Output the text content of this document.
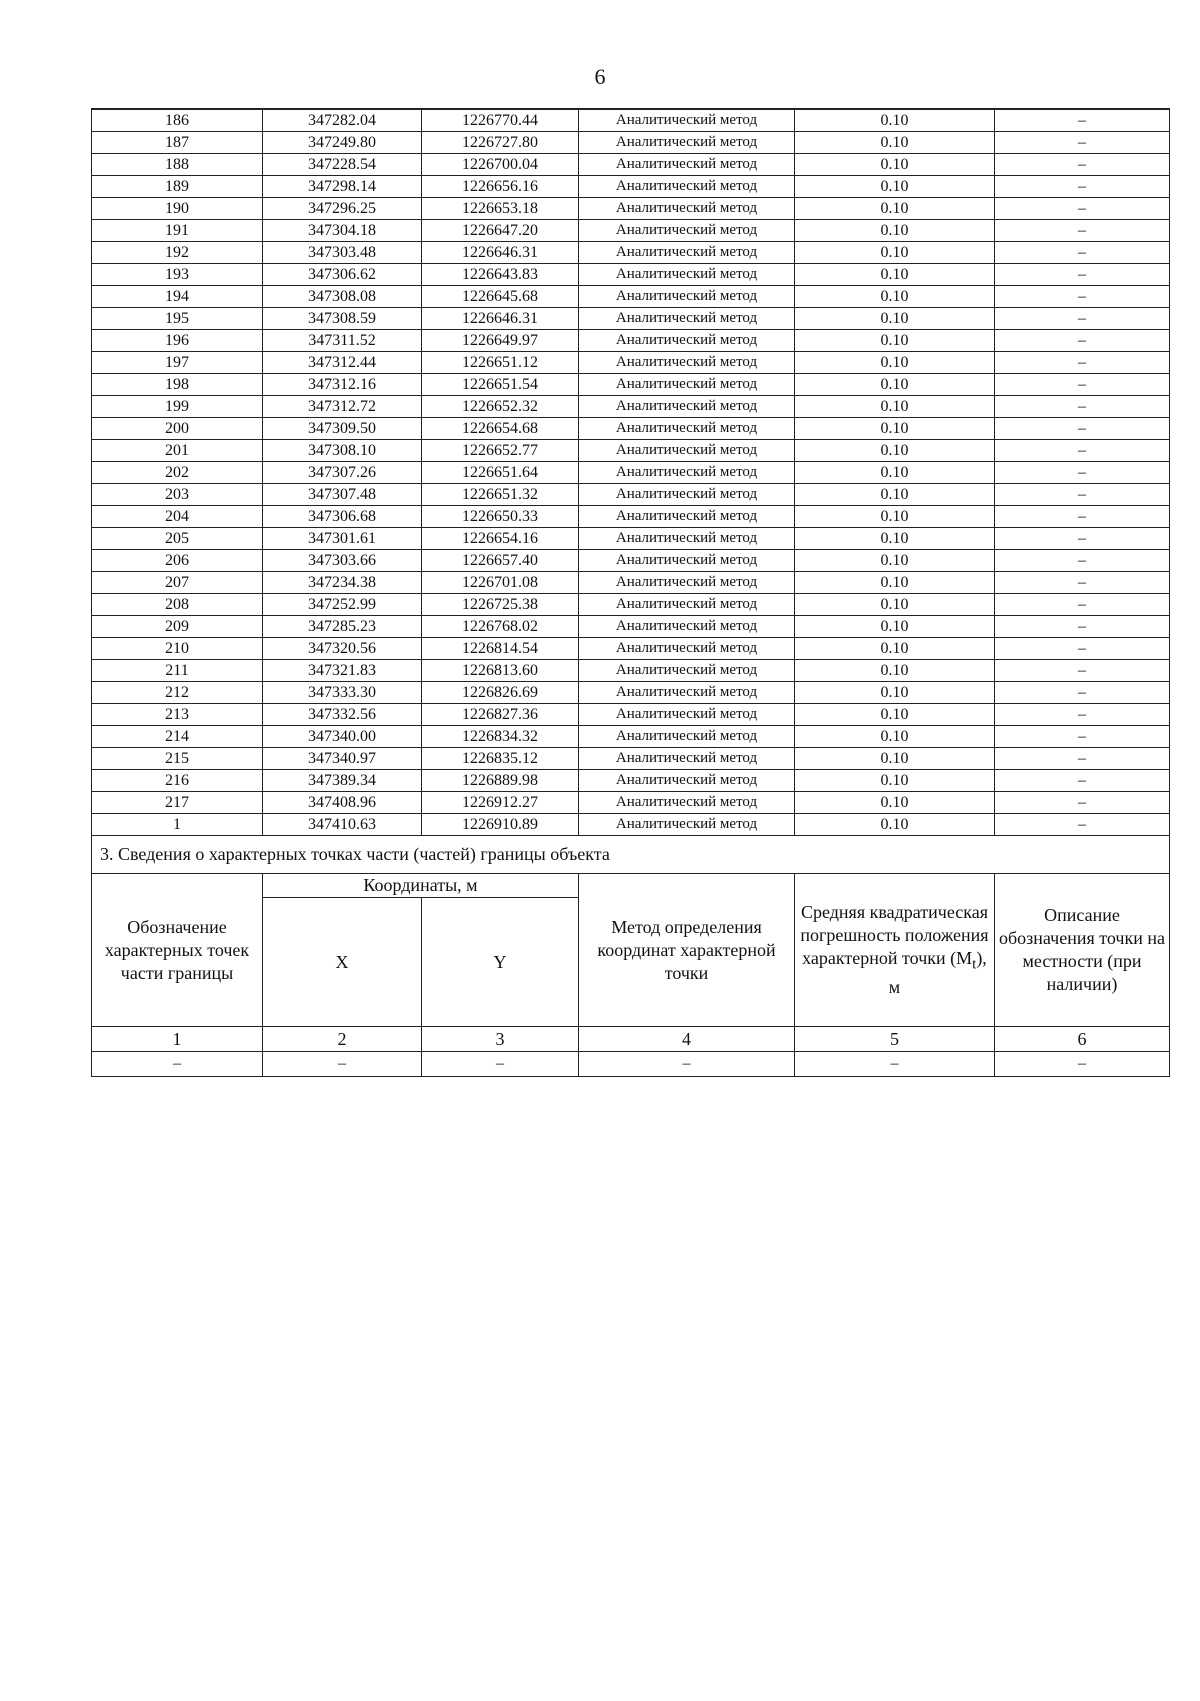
6
186	347282.04	1226770.44	Аналитический метод	0.10	–
187	347249.80	1226727.80	Аналитический метод	0.10	–
188	347228.54	1226700.04	Аналитический метод	0.10	–
189	347298.14	1226656.16	Аналитический метод	0.10	–
190	347296.25	1226653.18	Аналитический метод	0.10	–
191	347304.18	1226647.20	Аналитический метод	0.10	–
192	347303.48	1226646.31	Аналитический метод	0.10	–
193	347306.62	1226643.83	Аналитический метод	0.10	–
194	347308.08	1226645.68	Аналитический метод	0.10	–
195	347308.59	1226646.31	Аналитический метод	0.10	–
196	347311.52	1226649.97	Аналитический метод	0.10	–
197	347312.44	1226651.12	Аналитический метод	0.10	–
198	347312.16	1226651.54	Аналитический метод	0.10	–
199	347312.72	1226652.32	Аналитический метод	0.10	–
200	347309.50	1226654.68	Аналитический метод	0.10	–
201	347308.10	1226652.77	Аналитический метод	0.10	–
202	347307.26	1226651.64	Аналитический метод	0.10	–
203	347307.48	1226651.32	Аналитический метод	0.10	–
204	347306.68	1226650.33	Аналитический метод	0.10	–
205	347301.61	1226654.16	Аналитический метод	0.10	–
206	347303.66	1226657.40	Аналитический метод	0.10	–
207	347234.38	1226701.08	Аналитический метод	0.10	–
208	347252.99	1226725.38	Аналитический метод	0.10	–
209	347285.23	1226768.02	Аналитический метод	0.10	–
210	347320.56	1226814.54	Аналитический метод	0.10	–
211	347321.83	1226813.60	Аналитический метод	0.10	–
212	347333.30	1226826.69	Аналитический метод	0.10	–
213	347332.56	1226827.36	Аналитический метод	0.10	–
214	347340.00	1226834.32	Аналитический метод	0.10	–
215	347340.97	1226835.12	Аналитический метод	0.10	–
216	347389.34	1226889.98	Аналитический метод	0.10	–
217	347408.96	1226912.27	Аналитический метод	0.10	–
1	347410.63	1226910.89	Аналитический метод	0.10	–
3. Сведения о характерных точках части (частей) границы объекта					
Обозначение характерных точек части границы	Координаты, м		Метод определения координат характерной точки	Средняя квадратическая погрешность положения характерной точки $(M_t)$, м	Описание обозначения точки на местности (при наличии)
	X	Y			
1	2	3	4	5	6
–	–	–	–	–	–
